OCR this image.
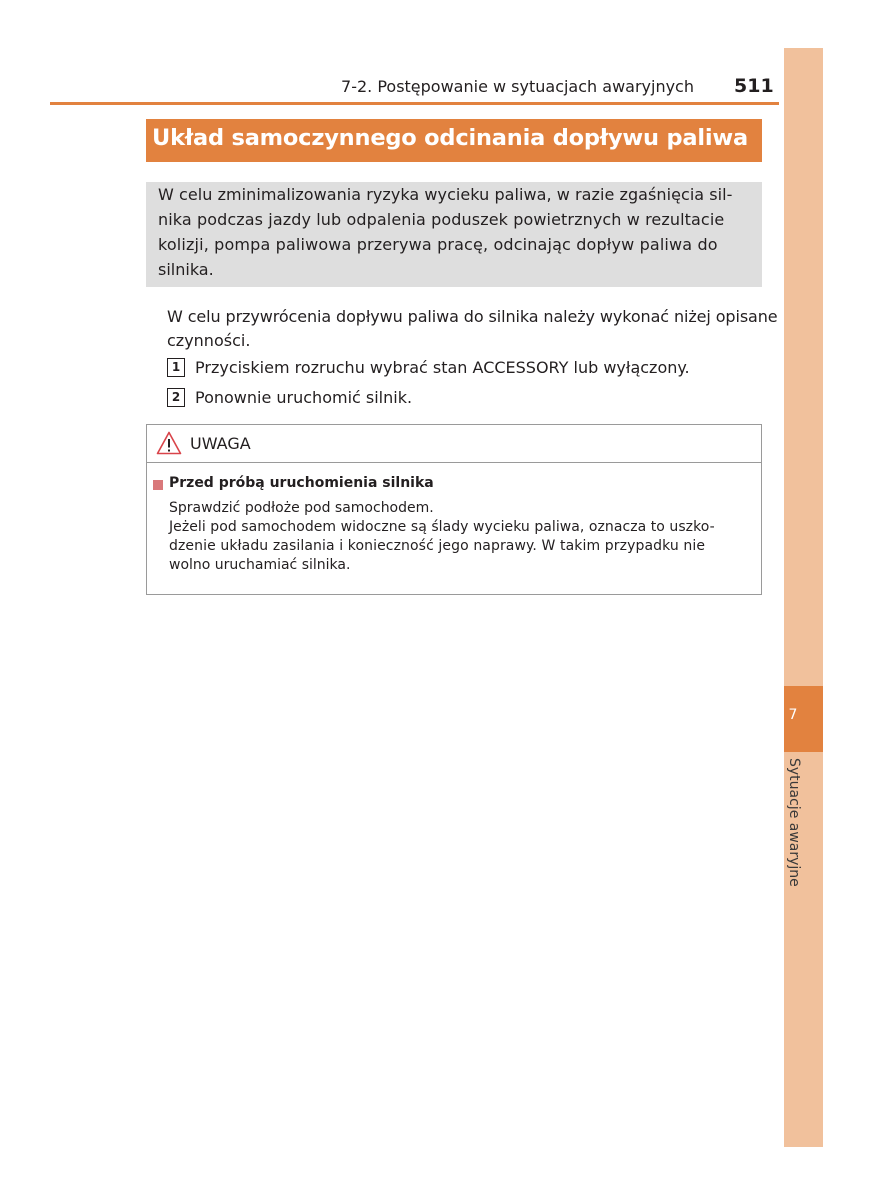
7
Sytuacje awaryjne
7-2. Postępowanie w sytuacjach awaryjnych 511
Układ samoczynnego odcinania dopływu paliwa
W celu zminimalizowania ryzyka wycieku paliwa, w razie zgaśnięcia sil-
nika podczas jazdy lub odpalenia poduszek powietrznych w rezultacie
kolizji, pompa paliwowa przerywa pracę, odcinając dopływ paliwa do
silnika.
W celu przywrócenia dopływu paliwa do silnika należy wykonać niżej opisane
czynności.
1 Przyciskiem rozruchu wybrać stan ACCESSORY lub wyłączony.
2 Ponownie uruchomić silnik.
UWAGA
Przed próbą uruchomienia silnika
Sprawdzić podłoże pod samochodem.
Jeżeli pod samochodem widoczne są ślady wycieku paliwa, oznacza to uszko-
dzenie układu zasilania i konieczność jego naprawy. W takim przypadku nie
wolno uruchamiać silnika.
